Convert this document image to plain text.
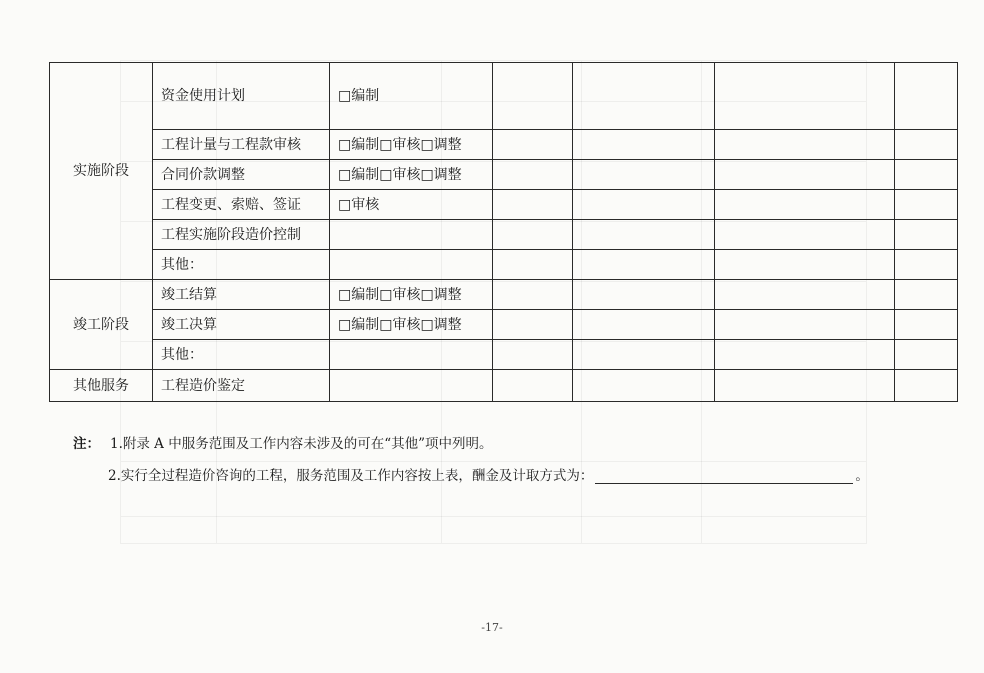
实施阶段	资金使用计划	□编制				
	工程计量与工程款审核	□编制□审核□调整				
	合同价款调整	□编制□审核□调整				
	工程变更、索赔、签证	□审核				
	工程实施阶段造价控制					
	其他：					
竣工阶段	竣工结算	□编制□审核□调整				
	竣工决算	□编制□审核□调整				
	其他：					
其他服务	工程造价鉴定					
注： 1.附录 A 中服务范围及工作内容未涉及的可在“其他”项中列明。
2.实行全过程造价咨询的工程，服务范围及工作内容按上表，酬金及计取方式为：	。
-17-
